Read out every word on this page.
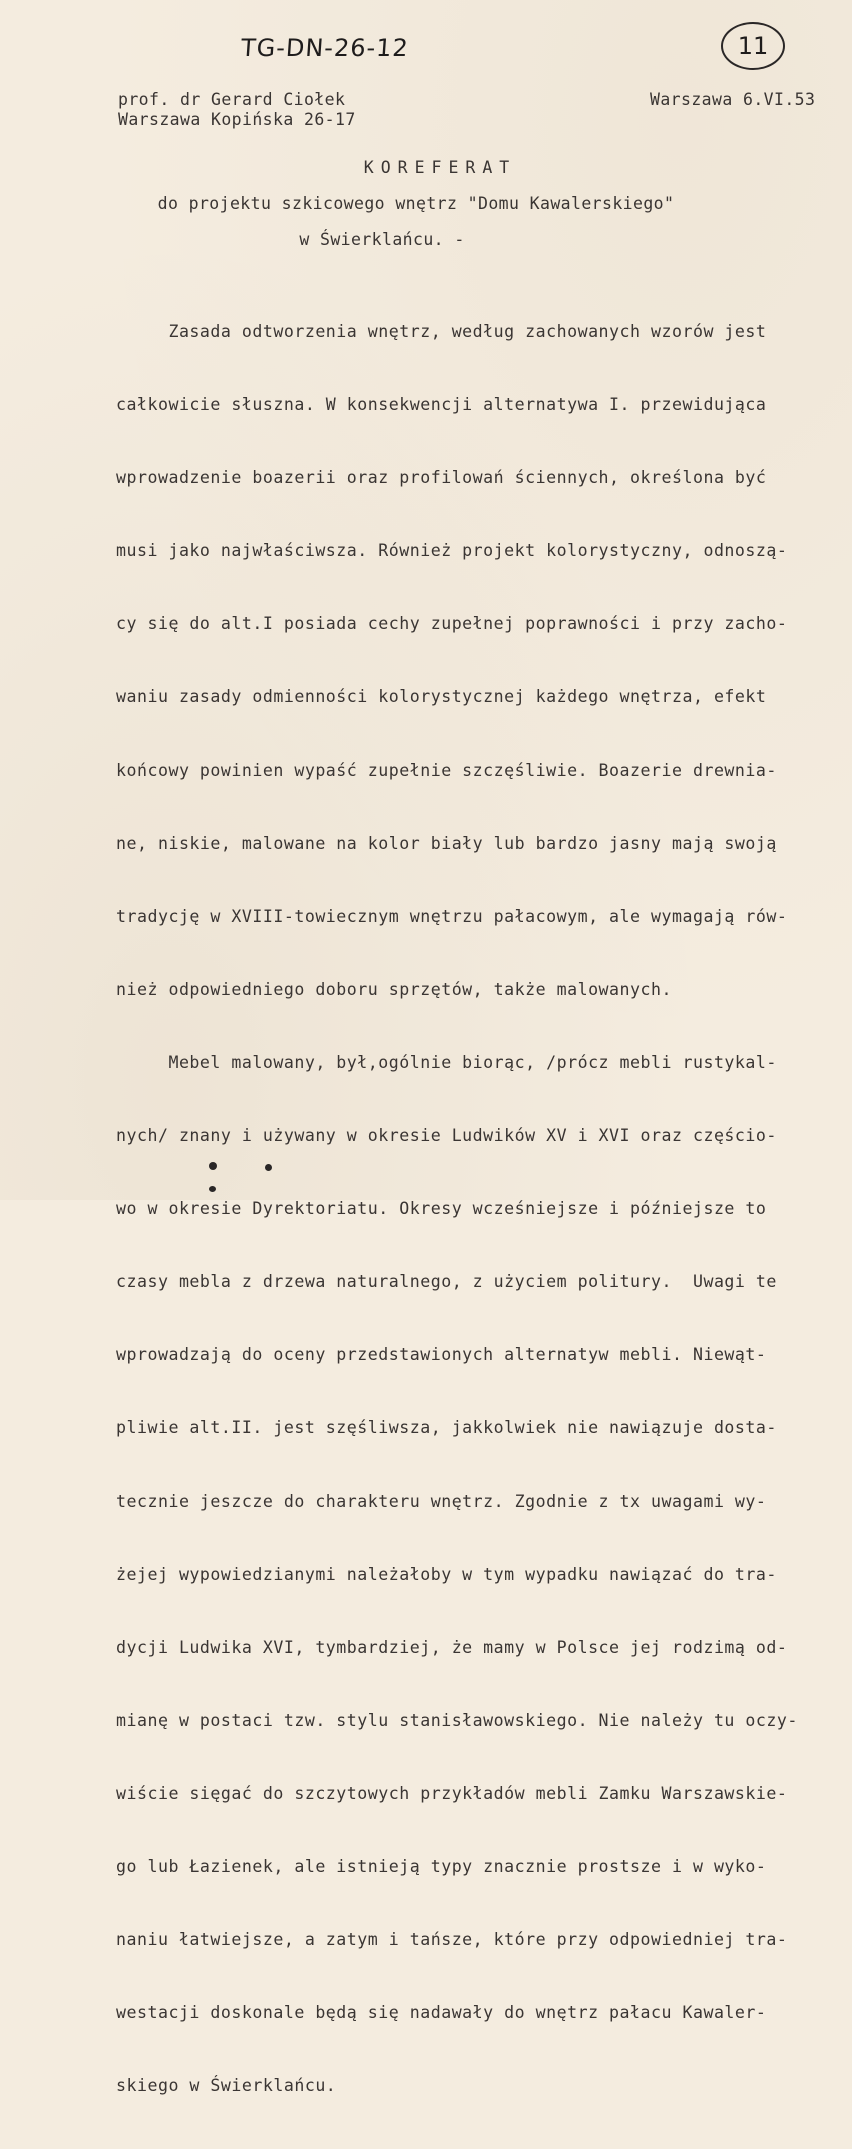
TG-DN-26-12	11
prof. dr Gerard Ciołek
Warszawa Kopińska 26-17
Warszawa 6.VI.53
KOREFERAT
do projektu szkicowego wnętrz "Domu Kawalerskiego"
w Świerklańcu. -

Zasada odtworzenia wnętrz, według zachowanych wzorów jest

całkowicie słuszna. W konsekwencji alternatywa I. przewidująca

wprowadzenie boazerii oraz profilowań ściennych, określona być

musi jako najwłaściwsza. Również projekt kolorystyczny, odnoszą-

cy się do alt.I posiada cechy zupełnej poprawności i przy zacho-

waniu zasady odmienności kolorystycznej każdego wnętrza, efekt

końcowy powinien wypaść zupełnie szczęśliwie. Boazerie drewnia-

ne, niskie, malowane na kolor biały lub bardzo jasny mają swoją

tradycję w XVIII-towiecznym wnętrzu pałacowym, ale wymagają rów-

nież odpowiedniego doboru sprzętów, także malowanych.

Mebel malowany, był,ogólnie biorąc, /prócz mebli rustykal-

nych/ znany i używany w okresie Ludwików XV i XVI oraz częścio-

wo w okresie Dyrektoriatu. Okresy wcześniejsze i późniejsze to

czasy mebla z drzewa naturalnego, z użyciem politury.  Uwagi te

wprowadzają do oceny przedstawionych alternatyw mebli. Niewąt-

pliwie alt.II. jest szęśliwsza, jakkolwiek nie nawiązuje dosta-

tecznie jeszcze do charakteru wnętrz. Zgodnie z tx uwagami wy-

żejej wypowiedzianymi należałoby w tym wypadku nawiązać do tra-

dycji Ludwika XVI, tymbardziej, że mamy w Polsce jej rodzimą od-

mianę w postaci tzw. stylu stanisławowskiego. Nie należy tu oczy-

wiście sięgać do szczytowych przykładów mebli Zamku Warszawskie-

go lub Łazienek, ale istnieją typy znacznie prostsze i w wyko-

naniu łatwiejsze, a zatym i tańsze, które przy odpowiedniej tra-

westacji doskonale będą się nadawały do wnętrz pałacu Kawaler-

skiego w Świerklańcu.
